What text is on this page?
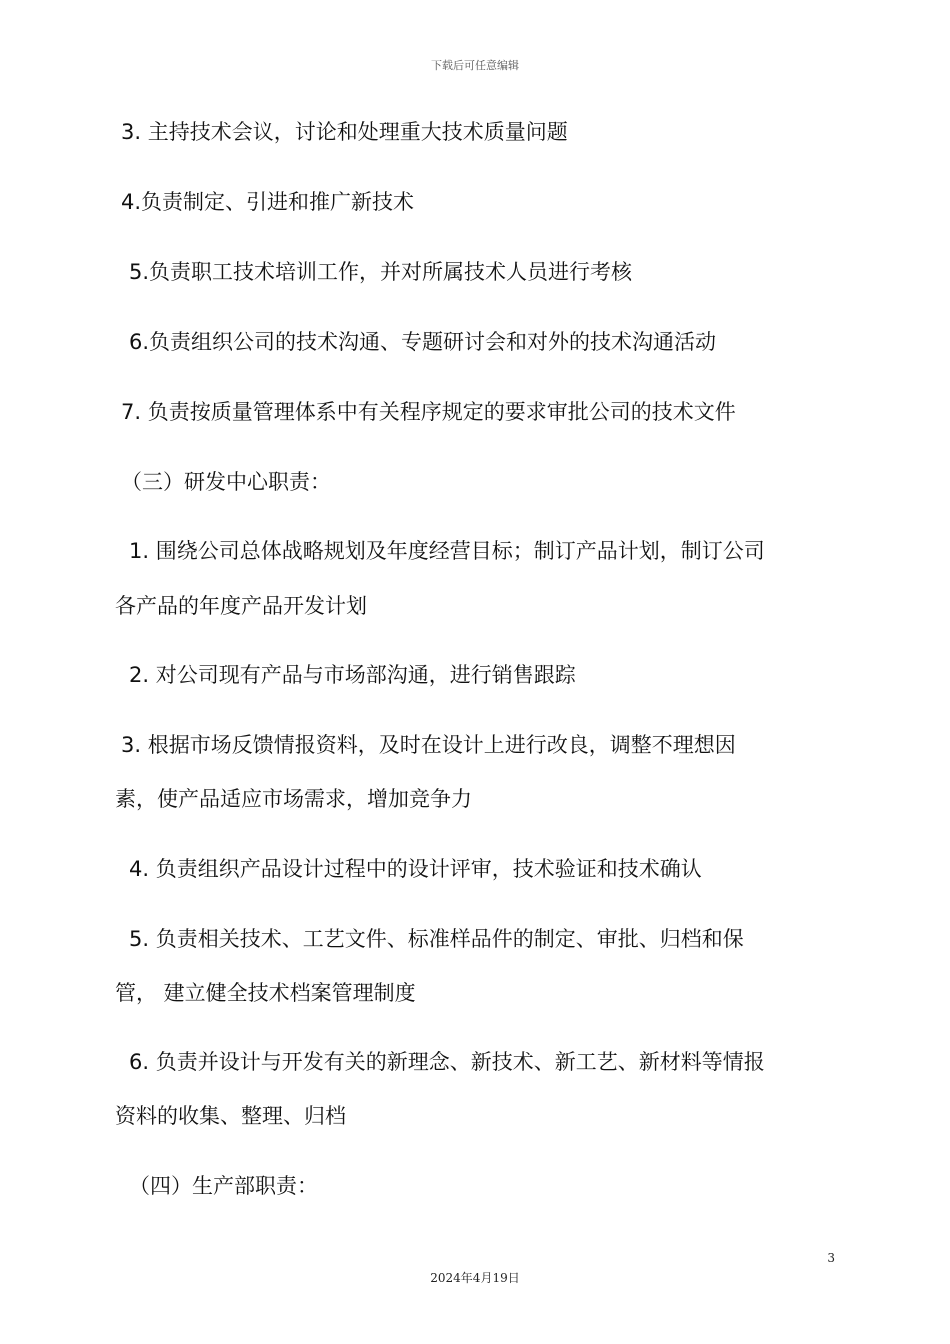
下载后可任意编辑
3. 主持技术会议，讨论和处理重大技术质量问题
4.负责制定、引进和推广新技术
5.负责职工技术培训工作，并对所属技术人员进行考核
6.负责组织公司的技术沟通、专题研讨会和对外的技术沟通活动
7. 负责按质量管理体系中有关程序规定的要求审批公司的技术文件
（三）研发中心职责：
1. 围绕公司总体战略规划及年度经营目标；制订产品计划，制订公司
各产品的年度产品开发计划
2. 对公司现有产品与市场部沟通，进行销售跟踪
3. 根据市场反馈情报资料，及时在设计上进行改良，调整不理想因
素，使产品适应市场需求，增加竞争力
4. 负责组织产品设计过程中的设计评审，技术验证和技术确认
5. 负责相关技术、工艺文件、标准样品件的制定、审批、归档和保
管， 建立健全技术档案管理制度
6. 负责并设计与开发有关的新理念、新技术、新工艺、新材料等情报
资料的收集、整理、归档
（四）生产部职责：
3
2024年4月19日
